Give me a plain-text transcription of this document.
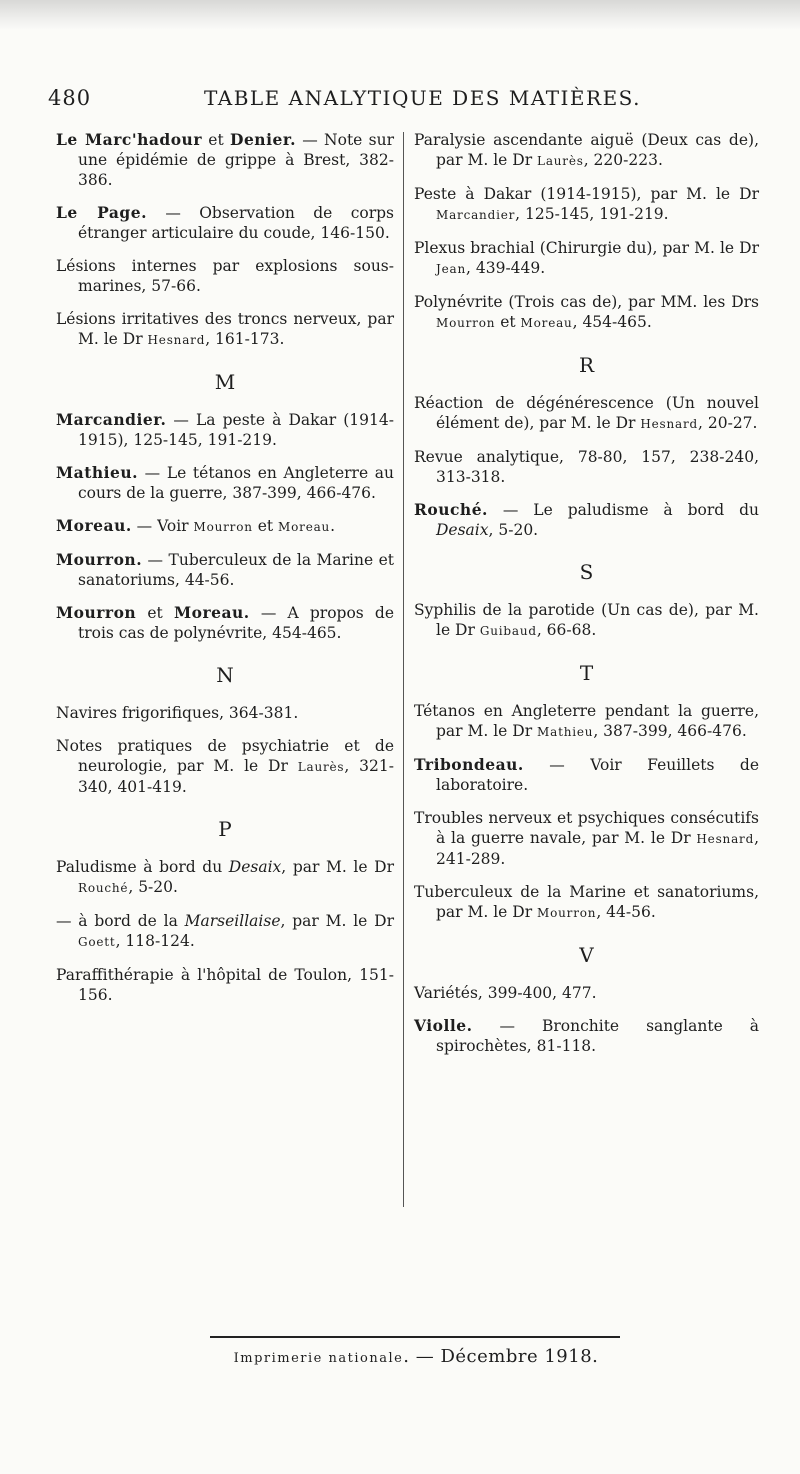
480	TABLE ANALYTIQUE DES MATIÈRES.

Le Marc'hadour et Denier. — Note sur une épidémie de grippe à Brest, 382-386.

Le Page. — Observation de corps étranger articulaire du coude, 146-150.

Lésions internes par explosions sous-marines, 57-66.

Lésions irritatives des troncs nerveux, par M. le Dr Hesnard, 161-173.

M

Marcandier. — La peste à Dakar (1914-1915), 125-145, 191-219.

Mathieu. — Le tétanos en Angleterre au cours de la guerre, 387-399, 466-476.

Moreau. — Voir Mourron et Moreau.

Mourron. — Tuberculeux de la Marine et sanatoriums, 44-56.

Mourron et Moreau. — A propos de trois cas de polynévrite, 454-465.

N

Navires frigorifiques, 364-381.

Notes pratiques de psychiatrie et de neurologie, par M. le Dr Laurès, 321-340, 401-419.

P

Paludisme à bord du Desaix, par M. le Dr Rouché, 5-20.

— à bord de la Marseillaise, par M. le Dr Goett, 118-124.

Paraffithérapie à l'hôpital de Toulon, 151-156.

Paralysie ascendante aiguë (Deux cas de), par M. le Dr Laurès, 220-223.

Peste à Dakar (1914-1915), par M. le Dr Marcandier, 125-145, 191-219.

Plexus brachial (Chirurgie du), par M. le Dr Jean, 439-449.

Polynévrite (Trois cas de), par MM. les Drs Mourron et Moreau, 454-465.

R

Réaction de dégénérescence (Un nouvel élément de), par M. le Dr Hesnard, 20-27.

Revue analytique, 78-80, 157, 238-240, 313-318.

Rouché. — Le paludisme à bord du Desaix, 5-20.

S

Syphilis de la parotide (Un cas de), par M. le Dr Guibaud, 66-68.

T

Tétanos en Angleterre pendant la guerre, par M. le Dr Mathieu, 387-399, 466-476.

Tribondeau. — Voir Feuillets de laboratoire.

Troubles nerveux et psychiques consécutifs à la guerre navale, par M. le Dr Hesnard, 241-289.

Tuberculeux de la Marine et sanatoriums, par M. le Dr Mourron, 44-56.

V

Variétés, 399-400, 477.

Violle. — Bronchite sanglante à spirochètes, 81-118.

Imprimerie nationale. — Décembre 1918.
